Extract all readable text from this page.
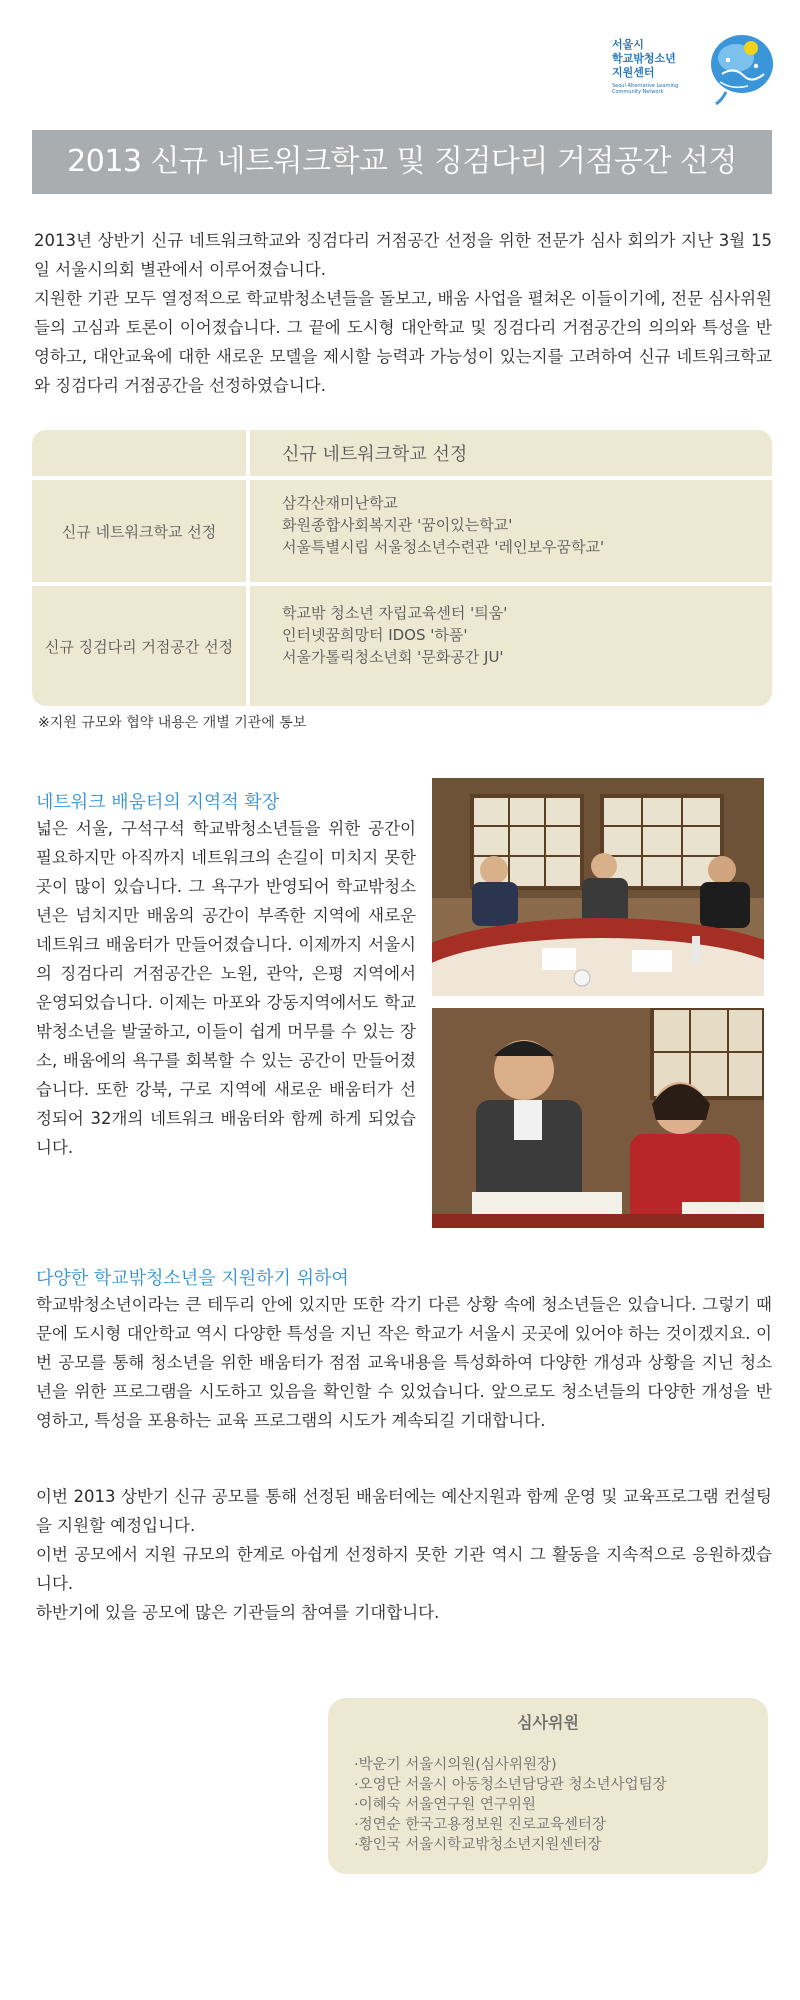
서울시
학교밖청소년
지원센터
Seoul Alternative Learning Community Network
2013 신규 네트워크학교 및 징검다리 거점공간 선정

2013년 상반기 신규 네트워크학교와 징검다리 거점공간 선정을 위한 전문가 심사 회의가 지난 3월 15일 서울시의회 별관에서 이루어졌습니다.

지원한 기관 모두 열정적으로 학교밖청소년들을 돌보고, 배움 사업을 펼쳐온 이들이기에, 전문 심사위원들의 고심과 토론이 이어졌습니다. 그 끝에 도시형 대안학교 및 징검다리 거점공간의 의의와 특성을 반영하고, 대안교육에 대한 새로운 모델을 제시할 능력과 가능성이 있는지를 고려하여 신규 네트워크학교와 징검다리 거점공간을 선정하였습니다.

신규 네트워크학교 선정
신규 네트워크학교 선정
삼각산재미난학교
화원종합사회복지관 '꿈이있는학교'
서울특별시립 서울청소년수련관 '레인보우꿈학교'
신규 징검다리 거점공간 선정
학교밖 청소년 자립교육센터 '틔움'
인터넷꿈희망터 IDOS '하품'
서울가톨릭청소년회 '문화공간 JU'
※지원 규모와 협약 내용은 개별 기관에 통보
네트워크 배움터의 지역적 확장
넓은 서울, 구석구석 학교밖청소년들을 위한 공간이 필요하지만 아직까지 네트워크의 손길이 미치지 못한 곳이 많이 있습니다. 그 욕구가 반영되어 학교밖청소년은 넘치지만 배움의 공간이 부족한 지역에 새로운 네트워크 배움터가 만들어졌습니다. 이제까지 서울시의 징검다리 거점공간은 노원, 관악, 은평 지역에서 운영되었습니다. 이제는 마포와 강동지역에서도 학교밖청소년을 발굴하고, 이들이 쉽게 머무를 수 있는 장소, 배움에의 욕구를 회복할 수 있는 공간이 만들어졌습니다. 또한 강북, 구로 지역에 새로운 배움터가 선정되어 32개의 네트워크 배움터와 함께 하게 되었습니다.
다양한 학교밖청소년을 지원하기 위하여
학교밖청소년이라는 큰 테두리 안에 있지만 또한 각기 다른 상황 속에 청소년들은 있습니다. 그렇기 때문에 도시형 대안학교 역시 다양한 특성을 지닌 작은 학교가 서울시 곳곳에 있어야 하는 것이겠지요. 이번 공모를 통해 청소년을 위한 배움터가 점점 교육내용을 특성화하여 다양한 개성과 상황을 지닌 청소년을 위한 프로그램을 시도하고 있음을 확인할 수 있었습니다. 앞으로도 청소년들의 다양한 개성을 반영하고, 특성을 포용하는 교육 프로그램의 시도가 계속되길 기대합니다.

이번 2013 상반기 신규 공모를 통해 선정된 배움터에는 예산지원과 함께 운영 및 교육프로그램 컨설팅을 지원할 예정입니다.

이번 공모에서 지원 규모의 한계로 아쉽게 선정하지 못한 기관 역시 그 활동을 지속적으로 응원하겠습니다.

하반기에 있을 공모에 많은 기관들의 참여를 기대합니다.

심사위원
·박운기 서울시의원(심사위원장)
·오영단 서울시 아동청소년담당관 청소년사업팀장
·이혜숙 서울연구원 연구위원
·정연순 한국고용정보원 진로교육센터장
·황인국 서울시학교밖청소년지원센터장
